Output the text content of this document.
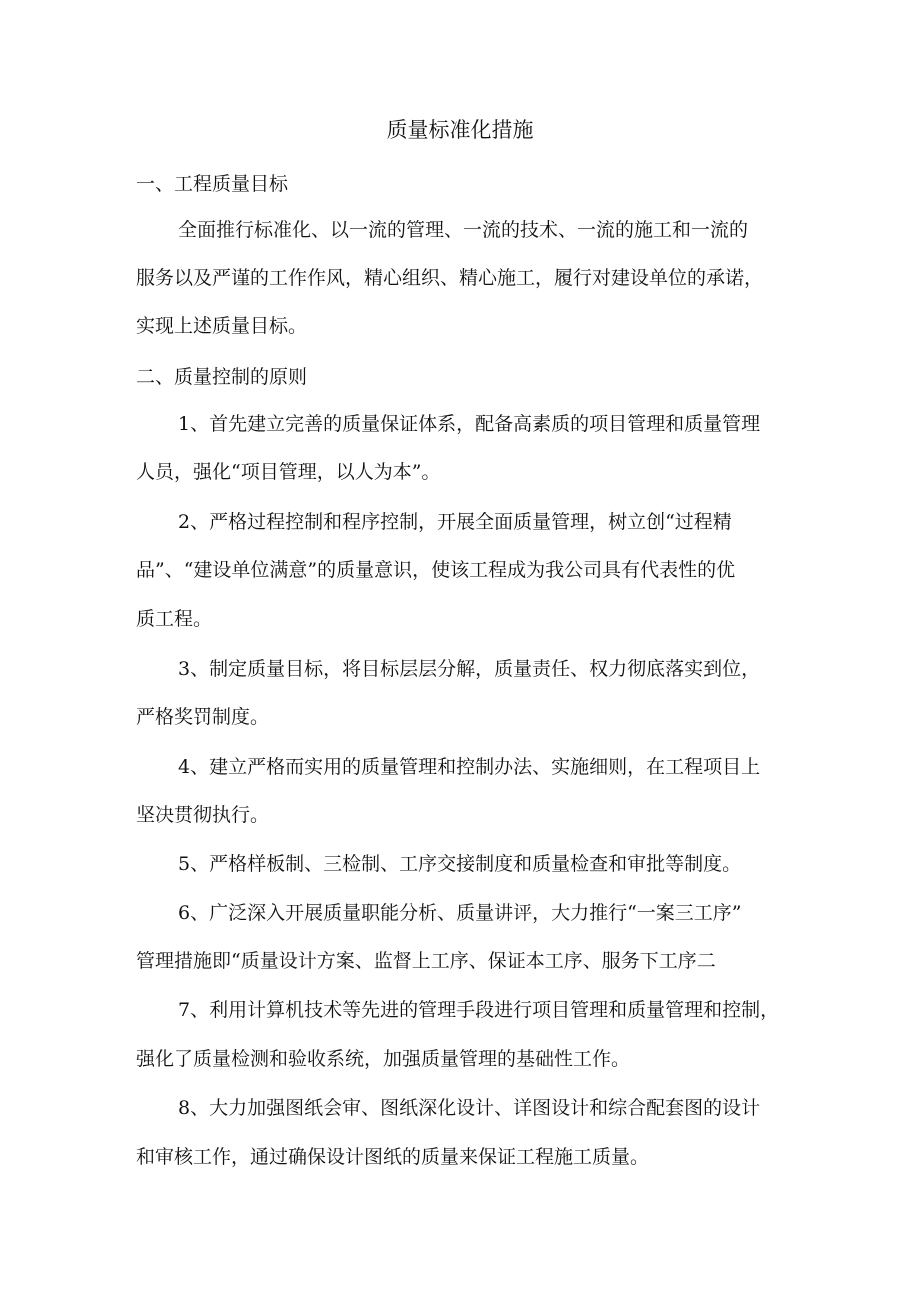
质量标准化措施
一、工程质量目标
全面推行标准化、以一流的管理、一流的技术、一流的施工和一流的
服务以及严谨的工作作风，精心组织、精心施工，履行对建设单位的承诺，
实现上述质量目标。
二、质量控制的原则
1、首先建立完善的质量保证体系，配备高素质的项目管理和质量管理
人员，强化“项目管理，以人为本”。
2、严格过程控制和程序控制，开展全面质量管理，树立创“过程精
品”、“建设单位满意”的质量意识，使该工程成为我公司具有代表性的优
质工程。
3、制定质量目标，将目标层层分解，质量责任、权力彻底落实到位，
严格奖罚制度。
4、建立严格而实用的质量管理和控制办法、实施细则，在工程项目上
坚决贯彻执行。
5、严格样板制、三检制、工序交接制度和质量检查和审批等制度。
6、广泛深入开展质量职能分析、质量讲评，大力推行“一案三工序”
管理措施即“质量设计方案、监督上工序、保证本工序、服务下工序二
7、利用计算机技术等先进的管理手段进行项目管理和质量管理和控制，
强化了质量检测和验收系统，加强质量管理的基础性工作。
8、大力加强图纸会审、图纸深化设计、详图设计和综合配套图的设计
和审核工作，通过确保设计图纸的质量来保证工程施工质量。
